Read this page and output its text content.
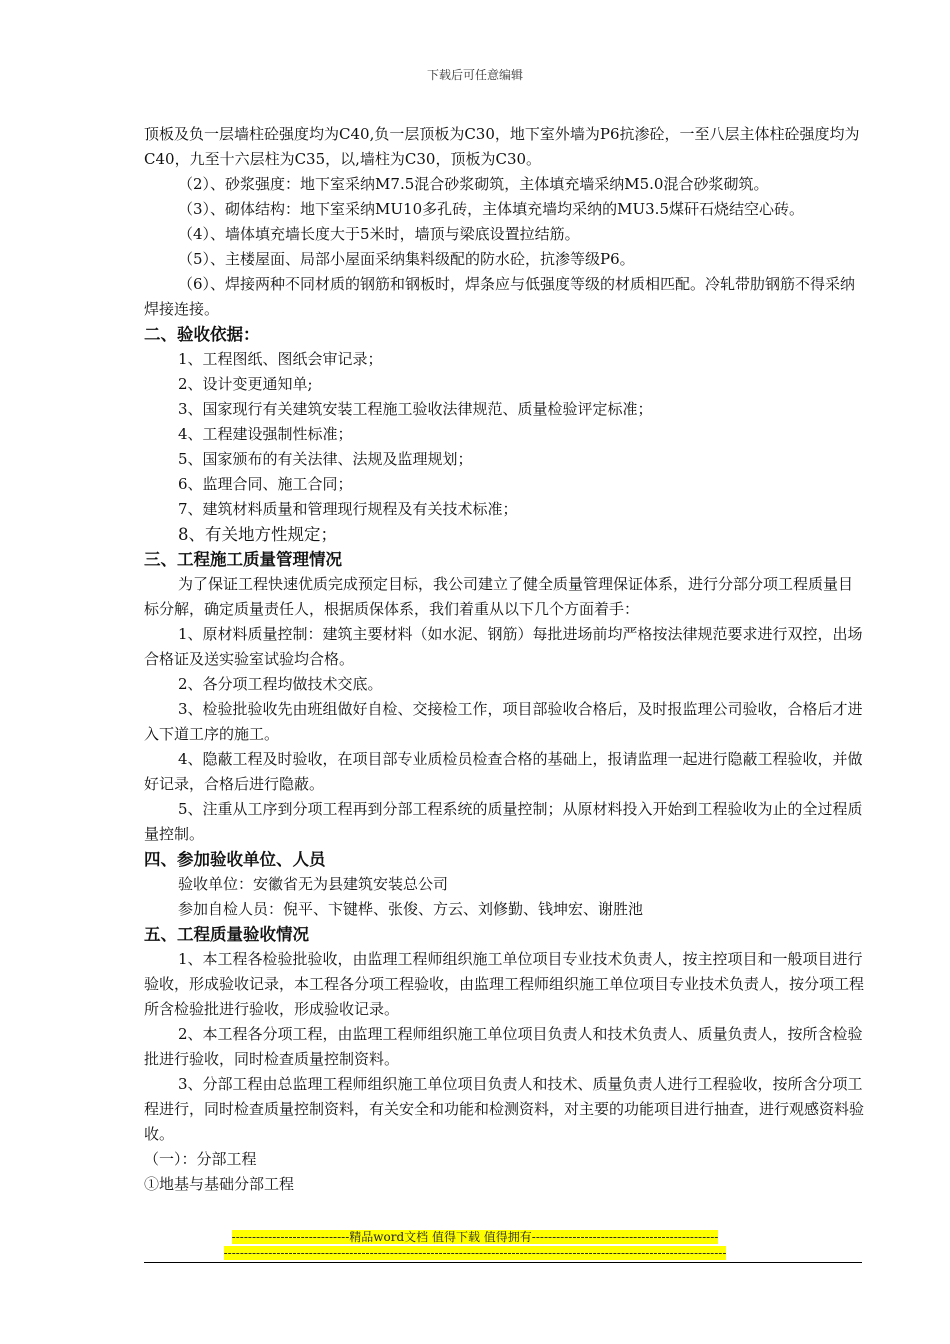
下载后可任意编辑

顶板及负一层墙柱砼强度均为C40,负一层顶板为C30，地下室外墙为P6抗渗砼，一至八层主体柱砼强度均为C40，九至十六层柱为C35，以,墙柱为C30，顶板为C30。

（2）、砂浆强度：地下室采纳M7.5混合砂浆砌筑，主体填充墙采纳M5.0混合砂浆砌筑。

（3）、砌体结构：地下室采纳MU10多孔砖，主体填充墙均采纳的MU3.5煤矸石烧结空心砖。

（4）、墙体填充墙长度大于5米时，墙顶与梁底设置拉结筋。

（5）、主楼屋面、局部小屋面采纳集料级配的防水砼，抗渗等级P6。

（6）、焊接两种不同材质的钢筋和钢板时，焊条应与低强度等级的材质相匹配。冷轧带肋钢筋不得采纳焊接连接。

二、验收依据：

1、工程图纸、图纸会审记录；

2、设计变更通知单;

3、国家现行有关建筑安装工程施工验收法律规范、质量检验评定标准；

4、工程建设强制性标准；

5、国家颁布的有关法律、法规及监理规划；

6、监理合同、施工合同；

7、建筑材料质量和管理现行规程及有关技术标准；

8、有关地方性规定；

三、工程施工质量管理情况

为了保证工程快速优质完成预定目标，我公司建立了健全质量管理保证体系，进行分部分项工程质量目标分解，确定质量责任人，根据质保体系，我们着重从以下几个方面着手：

1、原材料质量控制：建筑主要材料（如水泥、钢筋）每批进场前均严格按法律规范要求进行双控，出场合格证及送实验室试验均合格。

2、各分项工程均做技术交底。

3、检验批验收先由班组做好自检、交接检工作，项目部验收合格后，及时报监理公司验收，合格后才进入下道工序的施工。

4、隐蔽工程及时验收，在项目部专业质检员检查合格的基础上，报请监理一起进行隐蔽工程验收，并做好记录，合格后进行隐蔽。

5、注重从工序到分项工程再到分部工程系统的质量控制；从原材料投入开始到工程验收为止的全过程质量控制。

四、参加验收单位、人员

验收单位：安徽省无为县建筑安装总公司

参加自检人员：倪平、卞键桦、张俊、方云、刘修勤、钱坤宏、谢胜池

五、工程质量验收情况

1、本工程各检验批验收，由监理工程师组织施工单位项目专业技术负责人，按主控项目和一般项目进行验收，形成验收记录，本工程各分项工程验收，由监理工程师组织施工单位项目专业技术负责人，按分项工程所含检验批进行验收，形成验收记录。

2、本工程各分项工程，由监理工程师组织施工单位项目负责人和技术负责人、质量负责人，按所含检验批进行验收，同时检查质量控制资料。

3、分部工程由总监理工程师组织施工单位项目负责人和技术、质量负责人进行工程验收，按所含分项工程进行，同时检查质量控制资料，有关安全和功能和检测资料，对主要的功能项目进行抽查，进行观感资料验收。

（一）：分部工程

①地基与基础分部工程

-----------------------------精品word文档 值得下载 值得拥有----------------------------------------------
----------------------------------------------------------------------------------------------------------------------------
